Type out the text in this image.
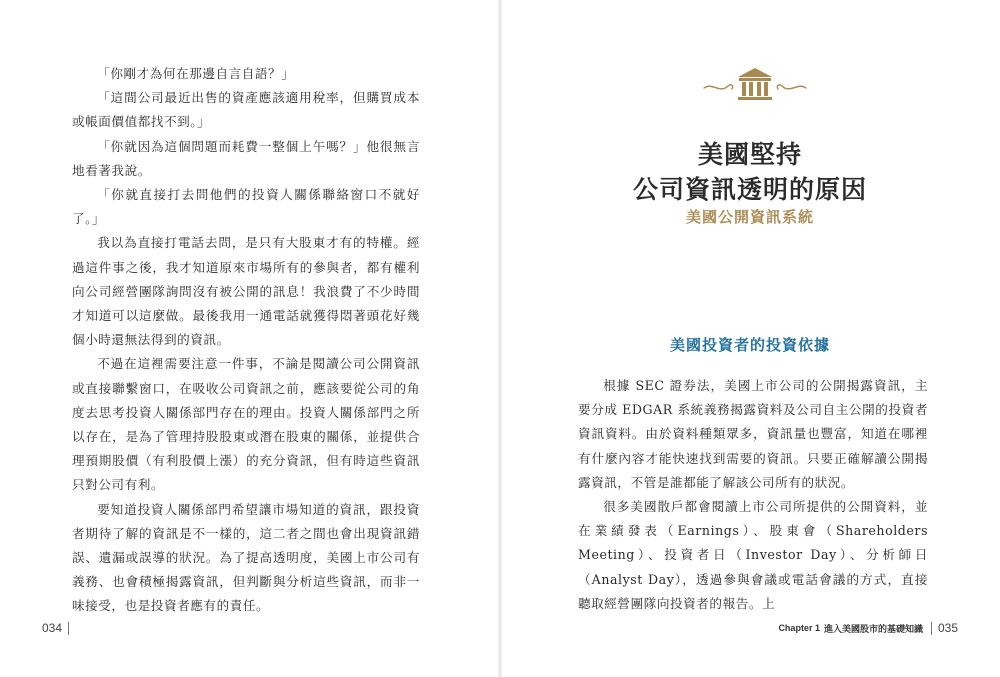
「你剛才為何在那邊自言自語？」

「這間公司最近出售的資產應該適用稅率，但購買成本或帳面價值都找不到。」

「你就因為這個問題而耗費一整個上午嗎？」他很無言地看著我說。

「你就直接打去問他們的投資人關係聯絡窗口不就好了。」

我以為直接打電話去問，是只有大股東才有的特權。經過這件事之後，我才知道原來市場所有的參與者，都有權利向公司經營團隊詢問沒有被公開的訊息！我浪費了不少時間才知道可以這麼做。最後我用一通電話就獲得悶著頭花好幾個小時還無法得到的資訊。

不過在這裡需要注意一件事，不論是閱讀公司公開資訊或直接聯繫窗口，在吸收公司資訊之前，應該要從公司的角度去思考投資人關係部門存在的理由。投資人關係部門之所以存在，是為了管理持股股東或潛在股東的關係，並提供合理預期股價（有利股價上漲）的充分資訊，但有時這些資訊只對公司有利。

要知道投資人關係部門希望讓市場知道的資訊，跟投資者期待了解的資訊是不一樣的，這二者之間也會出現資訊錯誤、遺漏或誤導的狀況。為了提高透明度，美國上市公司有義務、也會積極揭露資訊，但判斷與分析這些資訊，而非一味接受，也是投資者應有的責任。

034
美國堅持
公司資訊透明的原因
美國公開資訊系統
美國投資者的投資依據

根據 SEC 證券法，美國上市公司的公開揭露資訊，主要分成 EDGAR 系統義務揭露資料及公司自主公開的投資者資訊資料。由於資料種類眾多，資訊量也豐富，知道在哪裡有什麼內容才能快速找到需要的資訊。只要正確解讀公開揭露資訊，不管是誰都能了解該公司所有的狀況。

很多美國散戶都會閱讀上市公司所提供的公開資料，並在業績發表（Earnings）、股東會（Shareholders Meeting）、投資者日（Investor Day）、分析師日（Analyst Day），透過參與會議或電話會議的方式，直接聽取經營團隊向投資者的報告。上

Chapter 1 進入美國股市的基礎知識 035
